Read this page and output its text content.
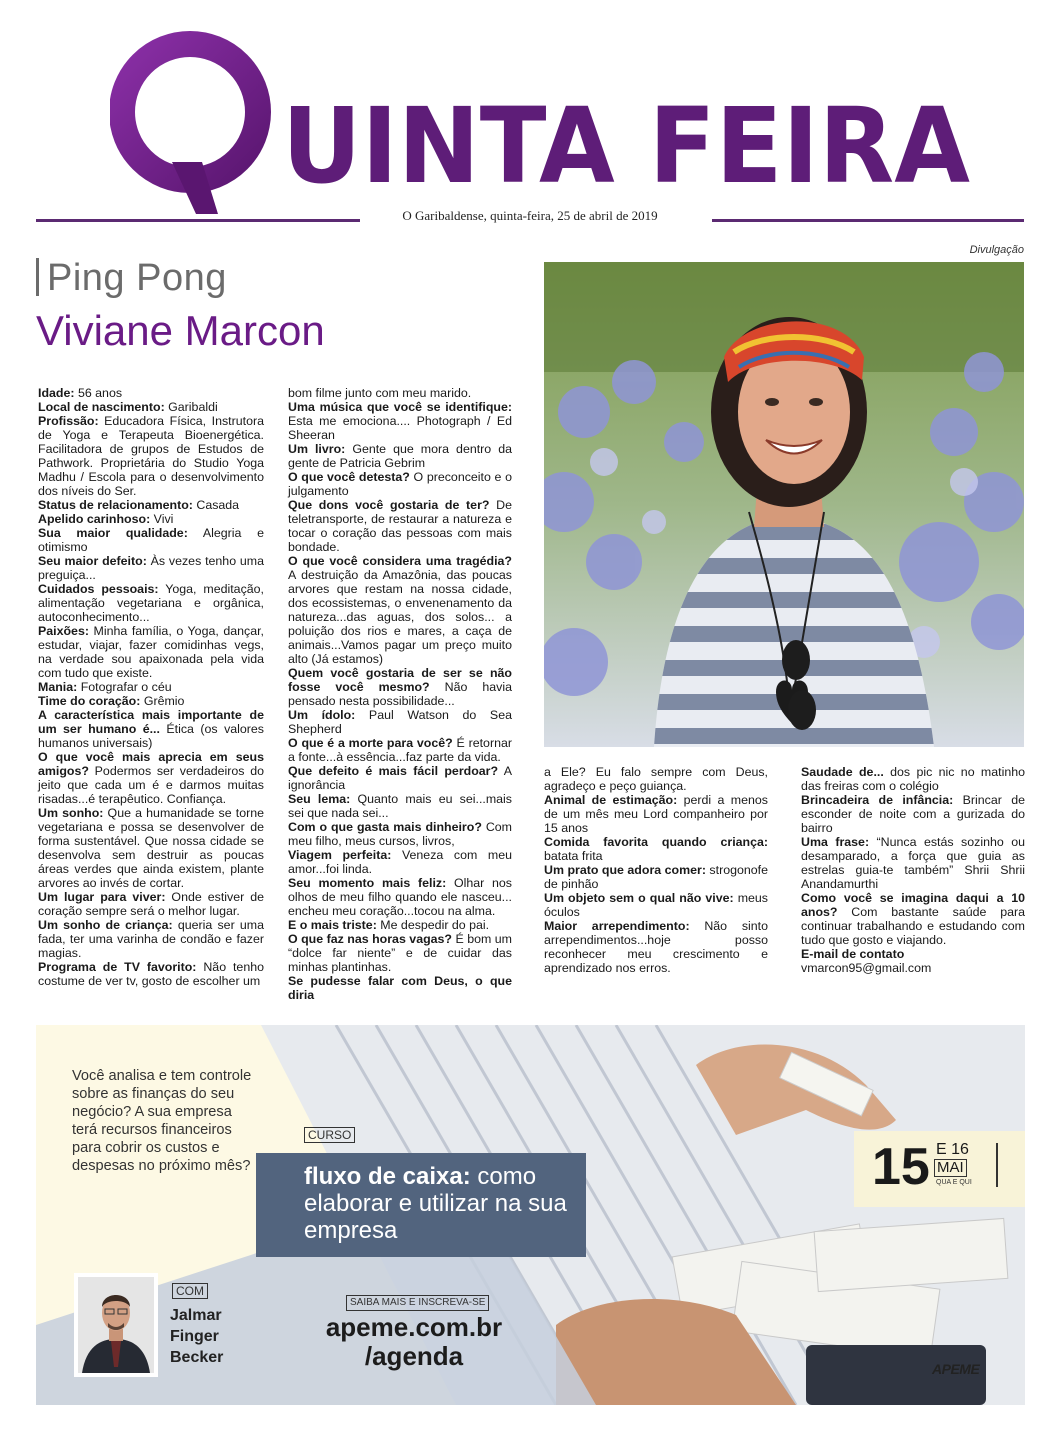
UINTA FEIRA
O Garibaldense, quinta-feira, 25 de abril de 2019
Ping Pong
Viviane Marcon

Idade: 56 anos

Local de nascimento: Garibaldi

Profissão: Educadora Física, Instrutora de Yoga e Terapeuta Bioenergética. Facilitadora de grupos de Estudos de Pathwork. Proprietária do Studio Yoga Madhu / Escola para o desenvolvimento dos níveis do Ser.

Status de relacionamento: Casada

Apelido carinhoso: Vivi

Sua maior qualidade: Alegria e otimismo

Seu maior defeito: Às vezes tenho uma preguiça...

Cuidados pessoais: Yoga, meditação, alimentação vegetariana e orgânica, autoconhecimento...

Paixões: Minha família, o Yoga, dançar, estudar, viajar, fazer comidinhas vegs, na verdade sou apaixonada pela vida com tudo que existe.

Mania: Fotografar o céu

Time do coração: Grêmio

A característica mais importante de um ser humano é... Ética (os valores humanos universais)

O que você mais aprecia em seus amigos? Podermos ser verdadeiros do jeito que cada um é e darmos muitas risadas...é terapêutico. Confiança.

Um sonho: Que a humanidade se torne vegetariana e possa se desenvolver de forma sustentável. Que nossa cidade se desenvolva sem destruir as poucas áreas verdes que ainda existem, plante arvores ao invés de cortar.

Um lugar para viver: Onde estiver de coração sempre será o melhor lugar.

Um sonho de criança: queria ser uma fada, ter uma varinha de condão e fazer magias.

Programa de TV favorito: Não tenho costume de ver tv, gosto de escolher um

bom filme junto com meu marido.

Uma música que você se identifique: Esta me emociona.... Photograph / Ed Sheeran

Um livro: Gente que mora dentro da gente de Patricia Gebrim

O que você detesta? O preconceito e o julgamento

Que dons você gostaria de ter? De teletransporte, de restaurar a natureza e tocar o coração das pessoas com mais bondade.

O que você considera uma tragédia? A destruição da Amazônia, das poucas arvores que restam na nossa cidade, dos ecossistemas, o envenenamento da natureza...das aguas, dos solos... a poluição dos rios e mares, a caça de animais...Vamos pagar um preço muito alto (Já estamos)

Quem você gostaria de ser se não fosse você mesmo? Não havia pensado nesta possibilidade...

Um ídolo: Paul Watson do Sea Shepherd

O que é a morte para você? É retornar a fonte...à essência...faz parte da vida.

Que defeito é mais fácil perdoar? A ignorância

Seu lema: Quanto mais eu sei...mais sei que nada sei...

Com o que gasta mais dinheiro? Com meu filho, meus cursos, livros,

Viagem perfeita: Veneza com meu amor...foi linda.

Seu momento mais feliz: Olhar nos olhos de meu filho quando ele nasceu... encheu meu coração...tocou na alma.

E o mais triste: Me despedir do pai.

O que faz nas horas vagas? É bom um “dolce far niente” e de cuidar das minhas plantinhas.

Se pudesse falar com Deus, o que diria

a Ele? Eu falo sempre com Deus, agradeço e peço guiança.

Animal de estimação: perdi a menos de um mês meu Lord companheiro por 15 anos

Comida favorita quando criança: batata frita

Um prato que adora comer: strogonofe de pinhão

Um objeto sem o qual não vive: meus óculos

Maior arrependimento: Não sinto arrependimentos...hoje posso reconhecer meu crescimento e aprendizado nos erros.

Saudade de... dos pic nic no matinho das freiras com o colégio

Brincadeira de infância: Brincar de esconder de noite com a gurizada do bairro

Uma frase: “Nunca estás sozinho ou desamparado, a força que guia as estrelas guia-te também” Shrii Shrii Anandamurthi

Como você se imagina daqui a 10 anos? Com bastante saúde para continuar trabalhando e estudando com tudo que gosto e viajando.

E-mail de contato

vmarcon95@gmail.com

Divulgação
Você analisa e tem controle sobre as finanças do seu negócio? A sua empresa terá recursos financeiros para cobrir os custos e despesas no próximo mês?
CURSO
fluxo de caixa: como elaborar e utilizar na sua empresa
15 E 16
MAI
QUA E QUI
COM
Jalmar
Finger
Becker
SAIBA MAIS E INSCREVA-SE
apeme.com.br
/agenda	APEME
